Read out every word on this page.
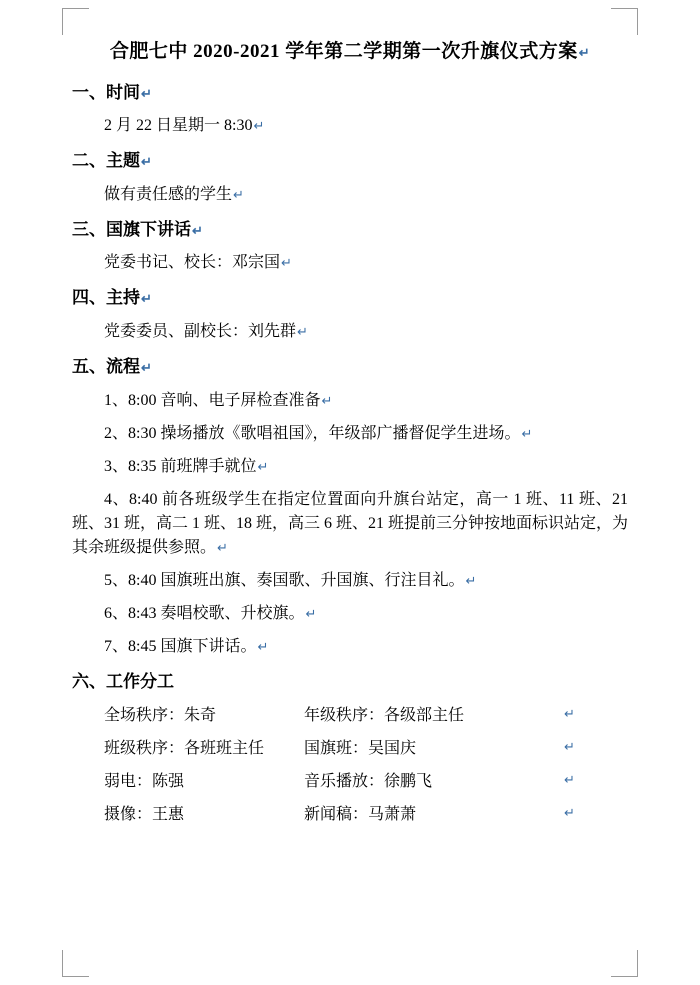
合肥七中 2020-2021 学年第二学期第一次升旗仪式方案↵
一、时间↵
2 月 22 日星期一 8:30↵
二、主题↵
做有责任感的学生↵
三、国旗下讲话↵
党委书记、校长：邓宗国↵
四、主持↵
党委委员、副校长：刘先群↵
五、流程↵
1、8:00 音响、电子屏检查准备↵
2、8:30 操场播放《歌唱祖国》，年级部广播督促学生进场。↵
3、8:35 前班牌手就位↵
4、8:40 前各班级学生在指定位置面向升旗台站定，高一 1 班、11 班、21 班、31 班，高二 1 班、18 班，高三 6 班、21 班提前三分钟按地面标识站定，为其余班级提供参照。↵
5、8:40 国旗班出旗、奏国歌、升国旗、行注目礼。↵
6、8:43 奏唱校歌、升校旗。↵
7、8:45 国旗下讲话。↵
六、工作分工
全场秩序：朱奇	年级秩序：各级部主任	↵
班级秩序：各班班主任	国旗班：吴国庆	↵
弱电：陈强	音乐播放：徐鹏飞	↵
摄像：王惠	新闻稿：马萧萧	↵
